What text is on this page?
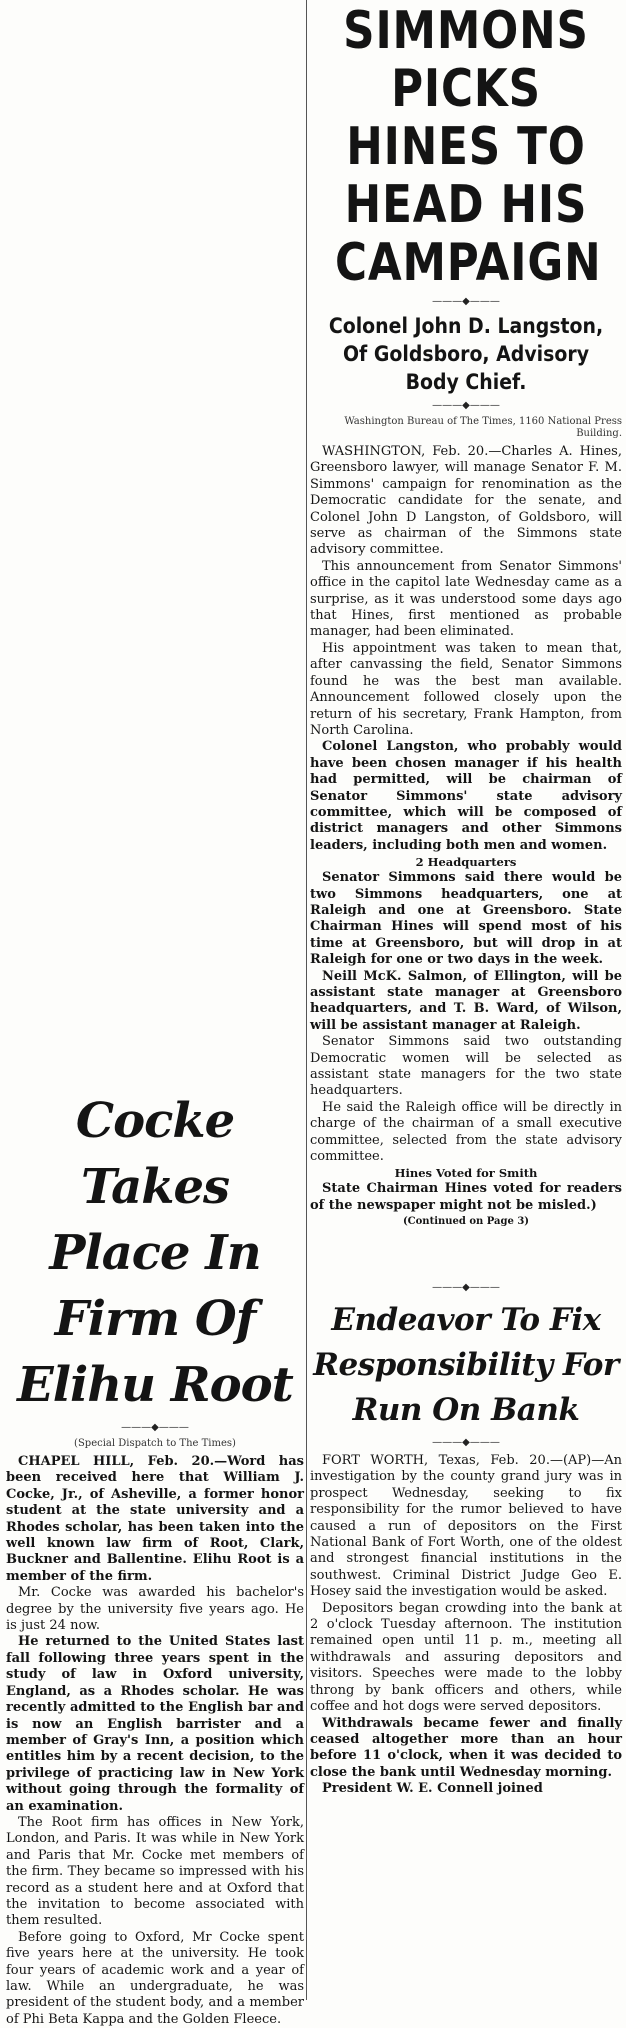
SIMMONS PICKS HINES TO HEAD HIS CAMPAIGN
———◆———
Colonel John D. Langston, Of Goldsboro, Advisory Body Chief.
———◆———
Washington Bureau of The Times, 1160 National Press Building.

WASHINGTON, Feb. 20.—Charles A. Hines, Greensboro lawyer, will manage Senator F. M. Simmons' campaign for renomination as the Democratic candidate for the senate, and Colonel John D Langston, of Goldsboro, will serve as chairman of the Simmons state advisory committee.

This announcement from Senator Simmons' office in the capitol late Wednesday came as a surprise, as it was understood some days ago that Hines, first mentioned as probable manager, had been eliminated.

His appointment was taken to mean that, after canvassing the field, Senator Simmons found he was the best man available. Announcement followed closely upon the return of his secretary, Frank Hampton, from North Carolina.

Colonel Langston, who probably would have been chosen manager if his health had permitted, will be chairman of Senator Simmons' state advisory committee, which will be composed of district managers and other Simmons leaders, including both men and women.

2 Headquarters

Senator Simmons said there would be two Simmons headquarters, one at Raleigh and one at Greensboro. State Chairman Hines will spend most of his time at Greensboro, but will drop in at Raleigh for one or two days in the week.

Neill McK. Salmon, of Ellington, will be assistant state manager at Greensboro headquarters, and T. B. Ward, of Wilson, will be assistant manager at Raleigh.

Senator Simmons said two outstanding Democratic women will be selected as assistant state managers for the two state headquarters.

He said the Raleigh office will be directly in charge of the chairman of a small executive committee, selected from the state advisory committee.

Hines Voted for Smith

State Chairman Hines voted for readers of the newspaper might not be misled.)

(Continued on Page 3)
Cocke Takes Place In Firm Of Elihu Root
———◆———
(Special Dispatch to The Times)

CHAPEL HILL, Feb. 20.—Word has been received here that William J. Cocke, Jr., of Asheville, a former honor student at the state university and a Rhodes scholar, has been taken into the well known law firm of Root, Clark, Buckner and Ballentine. Elihu Root is a member of the firm.

Mr. Cocke was awarded his bachelor's degree by the university five years ago. He is just 24 now.

He returned to the United States last fall following three years spent in the study of law in Oxford university, England, as a Rhodes scholar. He was recently admitted to the English bar and is now an English barrister and a member of Gray's Inn, a position which entitles him by a recent decision, to the privilege of practicing law in New York without going through the formality of an examination.

The Root firm has offices in New York, London, and Paris. It was while in New York and Paris that Mr. Cocke met members of the firm. They became so impressed with his record as a student here and at Oxford that the invitation to become associated with them resulted.

Before going to Oxford, Mr Cocke spent five years here at the university. He took four years of academic work and a year of law. While an undergraduate, he was president of the student body, and a member of Phi Beta Kappa and the Golden Fleece.

———◆———
Endeavor To Fix Responsibility For Run On Bank
———◆———

FORT WORTH, Texas, Feb. 20.—(AP)—An investigation by the county grand jury was in prospect Wednesday, seeking to fix responsibility for the rumor believed to have caused a run of depositors on the First National Bank of Fort Worth, one of the oldest and strongest financial institutions in the southwest. Criminal District Judge Geo E. Hosey said the investigation would be asked.

Depositors began crowding into the bank at 2 o'clock Tuesday afternoon. The institution remained open until 11 p. m., meeting all withdrawals and assuring depositors and visitors. Speeches were made to the lobby throng by bank officers and others, while coffee and hot dogs were served depositors.

Withdrawals became fewer and finally ceased altogether more than an hour before 11 o'clock, when it was decided to close the bank until Wednesday morning.

President W. E. Connell joined
